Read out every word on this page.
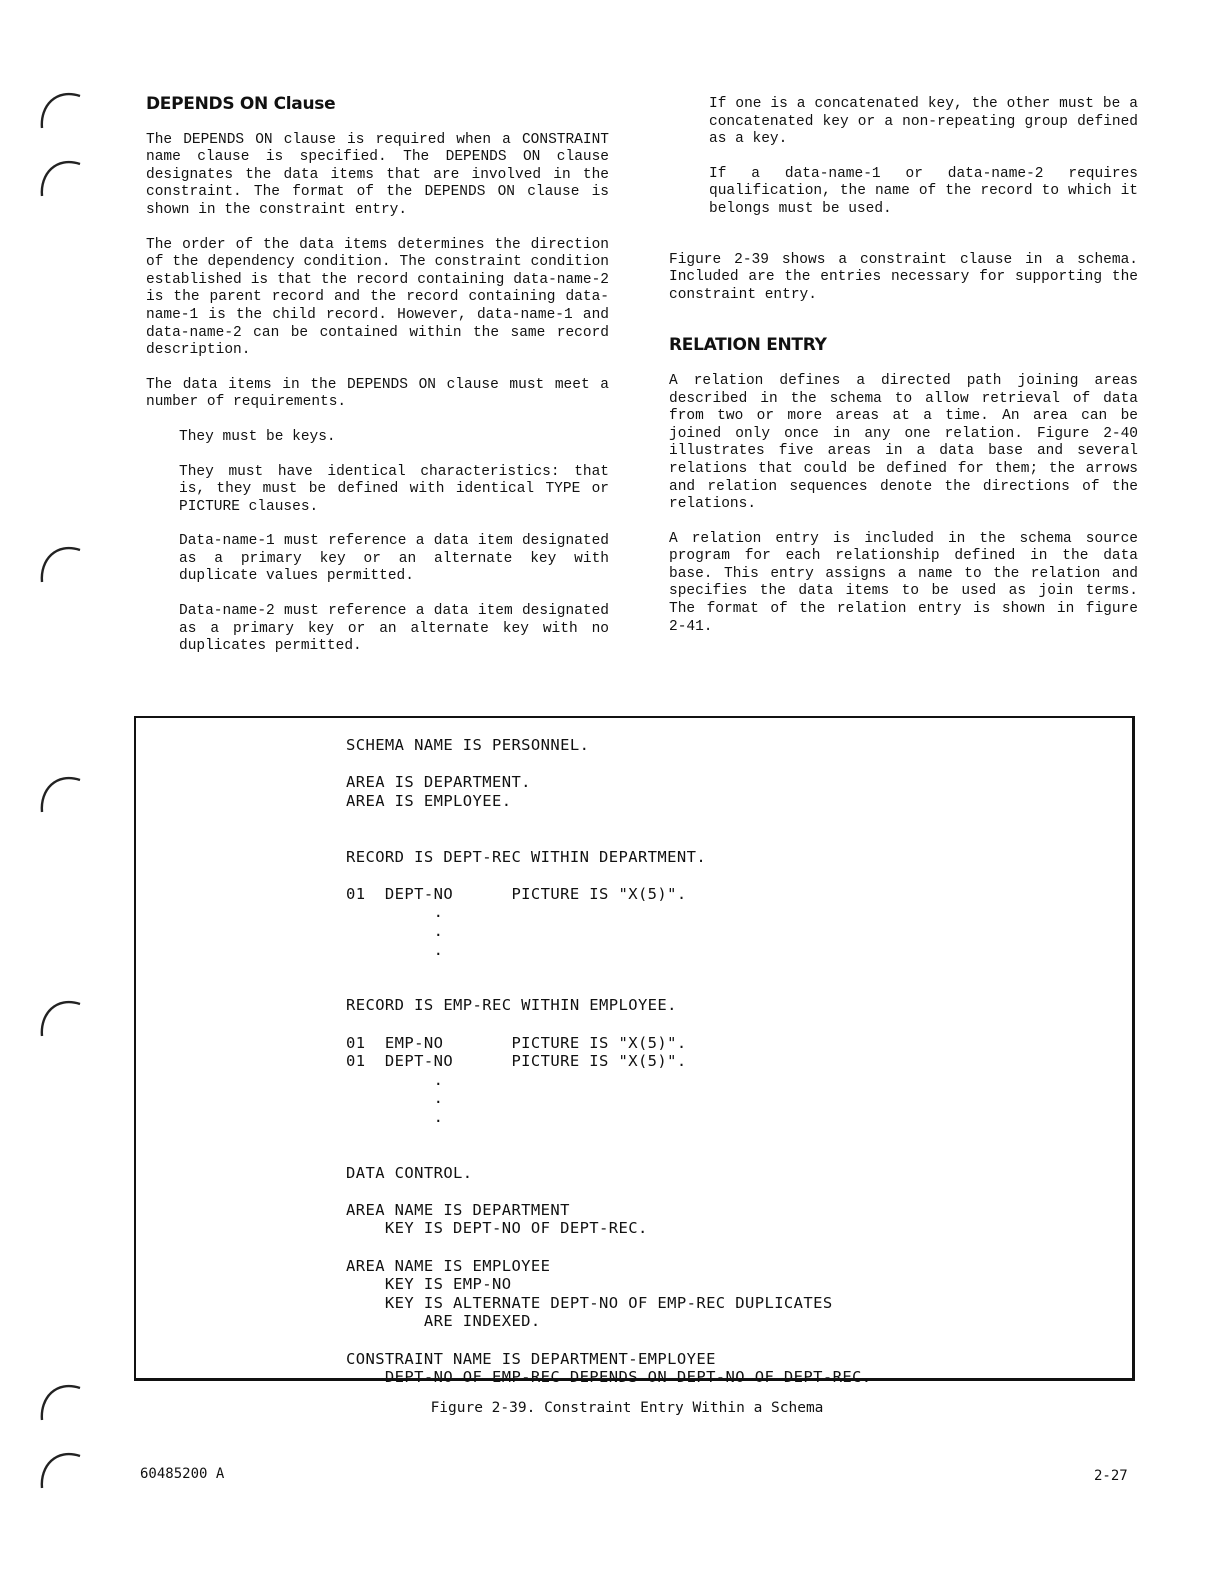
DEPENDS ON Clause
The DEPENDS ON clause is required when a CONSTRAINT name clause is specified. The DEPENDS ON clause designates the data items that are involved in the constraint. The format of the DEPENDS ON clause is shown in the constraint entry.
The order of the data items determines the direction of the dependency condition. The constraint condition established is that the record containing data-name-2 is the parent record and the record containing data-name-1 is the child record. However, data-name-1 and data-name-2 can be contained within the same record description.
The data items in the DEPENDS ON clause must meet a number of requirements.
They must be keys.
They must have identical characteristics: that is, they must be defined with identical TYPE or PICTURE clauses.
Data-name-1 must reference a data item designated as a primary key or an alternate key with duplicate values permitted.
Data-name-2 must reference a data item designated as a primary key or an alternate key with no duplicates permitted.
If one is a concatenated key, the other must be a concatenated key or a non-repeating group defined as a key.
If a data-name-1 or data-name-2 requires qualification, the name of the record to which it belongs must be used.
Figure 2-39 shows a constraint clause in a schema. Included are the entries necessary for supporting the constraint entry.
RELATION ENTRY
A relation defines a directed path joining areas described in the schema to allow retrieval of data from two or more areas at a time. An area can be joined only once in any one relation. Figure 2-40 illustrates five areas in a data base and several relations that could be defined for them; the arrows and relation sequences denote the directions of the relations.
A relation entry is included in the schema source program for each relationship defined in the data base. This entry assigns a name to the relation and specifies the data items to be used as join terms. The format of the relation entry is shown in figure 2-41.
SCHEMA NAME IS PERSONNEL.

AREA IS DEPARTMENT.
AREA IS EMPLOYEE.

RECORD IS DEPT-REC WITHIN DEPARTMENT.

01  DEPT-NO      PICTURE IS "X(5)".
.
.
.

RECORD IS EMP-REC WITHIN EMPLOYEE.

01  EMP-NO       PICTURE IS "X(5)".
01  DEPT-NO      PICTURE IS "X(5)".
.
.
.

DATA CONTROL.

AREA NAME IS DEPARTMENT
KEY IS DEPT-NO OF DEPT-REC.

AREA NAME IS EMPLOYEE
KEY IS EMP-NO
KEY IS ALTERNATE DEPT-NO OF EMP-REC DUPLICATES
ARE INDEXED.

CONSTRAINT NAME IS DEPARTMENT-EMPLOYEE
DEPT-NO OF EMP-REC DEPENDS ON DEPT-NO OF DEPT-REC.
Figure 2-39. Constraint Entry Within a Schema
60485200 A	2-27
